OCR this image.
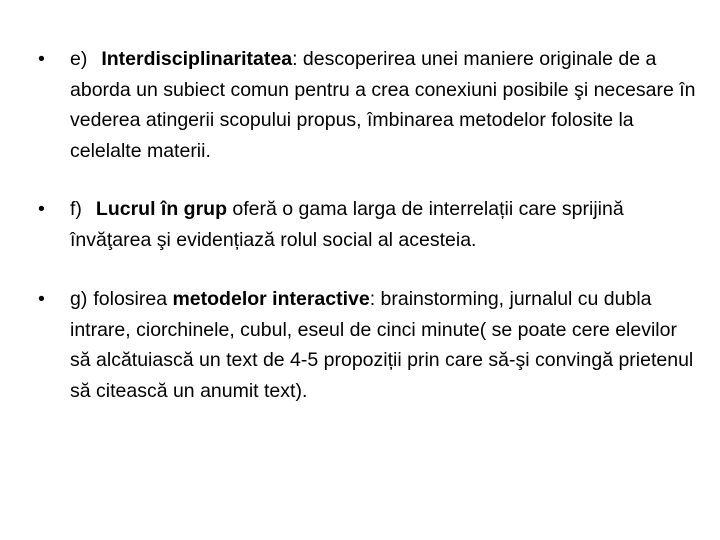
•	e) Interdisciplinaritatea: descoperirea unei maniere originale de a aborda un subiect comun pentru a crea conexiuni posibile şi necesare în vederea atingerii scopului propus, îmbinarea metodelor folosite la celelalte materii.
•	f) Lucrul în grup oferă o gama larga de interrelații care sprijină învăţarea şi evidențiază rolul social al acesteia.
•	g) folosirea metodelor interactive: brainstorming, jurnalul cu dubla intrare, ciorchinele, cubul, eseul de cinci minute( se poate cere elevilor să alcătuiască un text de 4-5 propoziții prin care să-şi convingă prietenul să citească un anumit text).
